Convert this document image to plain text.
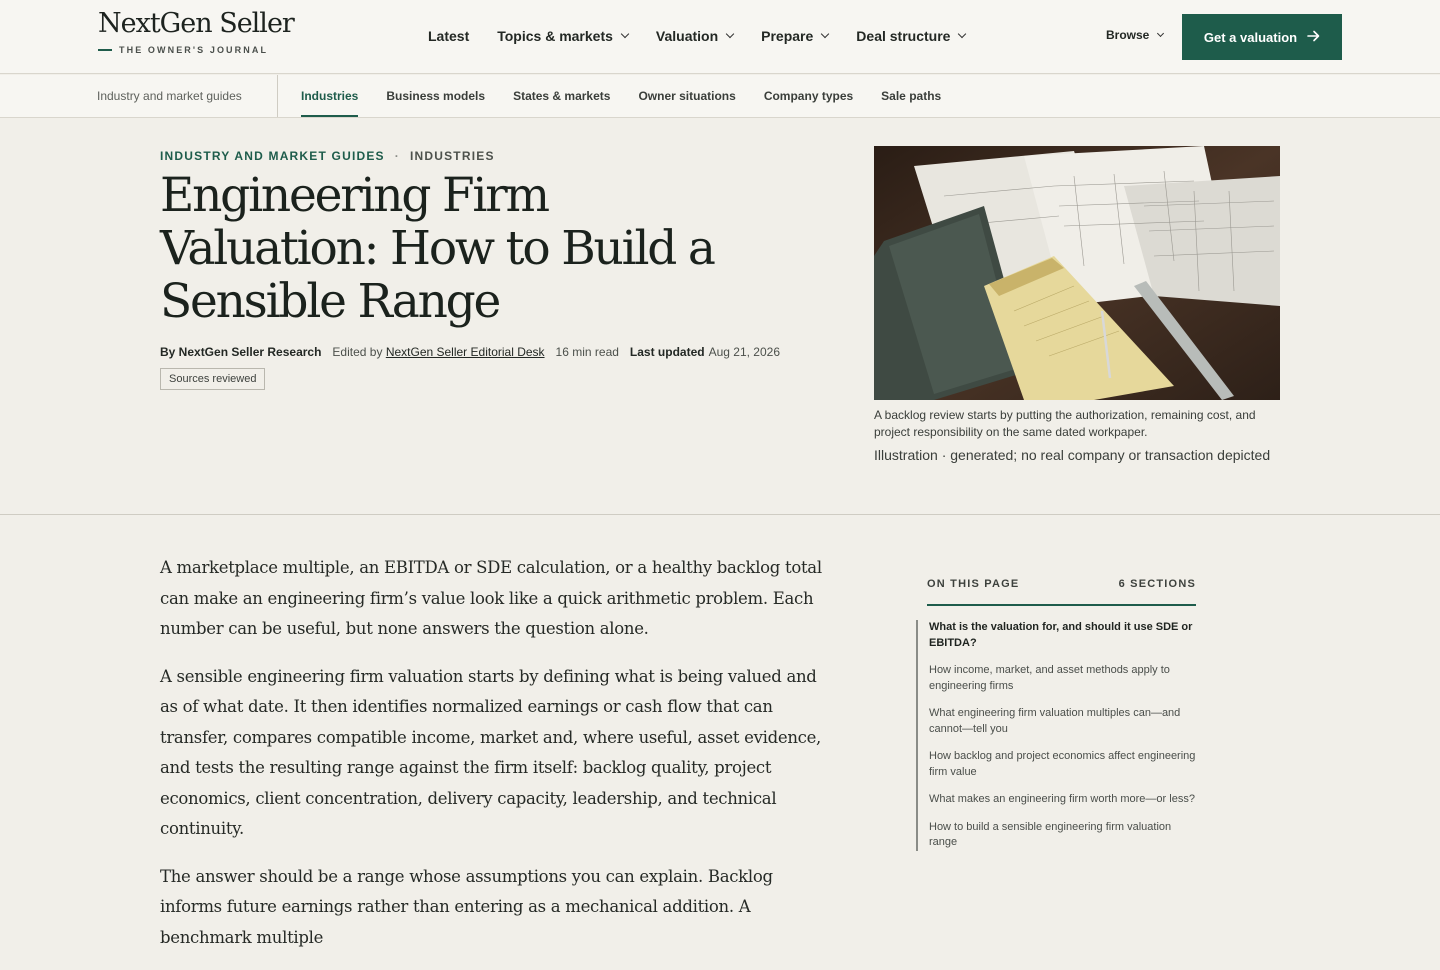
NextGen Seller
THE OWNER'S JOURNAL
Latest Topics & markets	Valuation	Prepare	Deal structure	Browse	Get a valuation
Industry and market guides	Industries Business models States & markets Owner situations Company types Sale paths
INDUSTRY AND MARKET GUIDES · INDUSTRIES
Engineering Firm Valuation: How to Build a Sensible Range
By NextGen Seller Research Edited by NextGen Seller Editorial Desk 16 min read Last updated Aug 21, 2026
Sources reviewed
A backlog review starts by putting the authorization, remaining cost, and project responsibility on the same dated workpaper.
Illustration · generated; no real company or transaction depicted

A marketplace multiple, an EBITDA or SDE calculation, or a healthy backlog total can make an engineering firm’s value look like a quick arithmetic problem. Each number can be useful, but none answers the question alone.

A sensible engineering firm valuation starts by defining what is being valued and as of what date. It then identifies normalized earnings or cash flow that can transfer, compares compatible income, market and, where useful, asset evidence, and tests the resulting range against the firm itself: backlog quality, project economics, client concentration, delivery capacity, leadership, and technical continuity.

The answer should be a range whose assumptions you can explain. Backlog informs future earnings rather than entering as a mechanical addition. A benchmark multiple

ON THIS PAGE	6 SECTIONS
What is the valuation for, and should it use SDE or EBITDA?
How income, market, and asset methods apply to engineering firms
What engineering firm valuation multiples can—and cannot—tell you
How backlog and project economics affect engineering firm value
What makes an engineering firm worth more—or less?
How to build a sensible engineering firm valuation range
